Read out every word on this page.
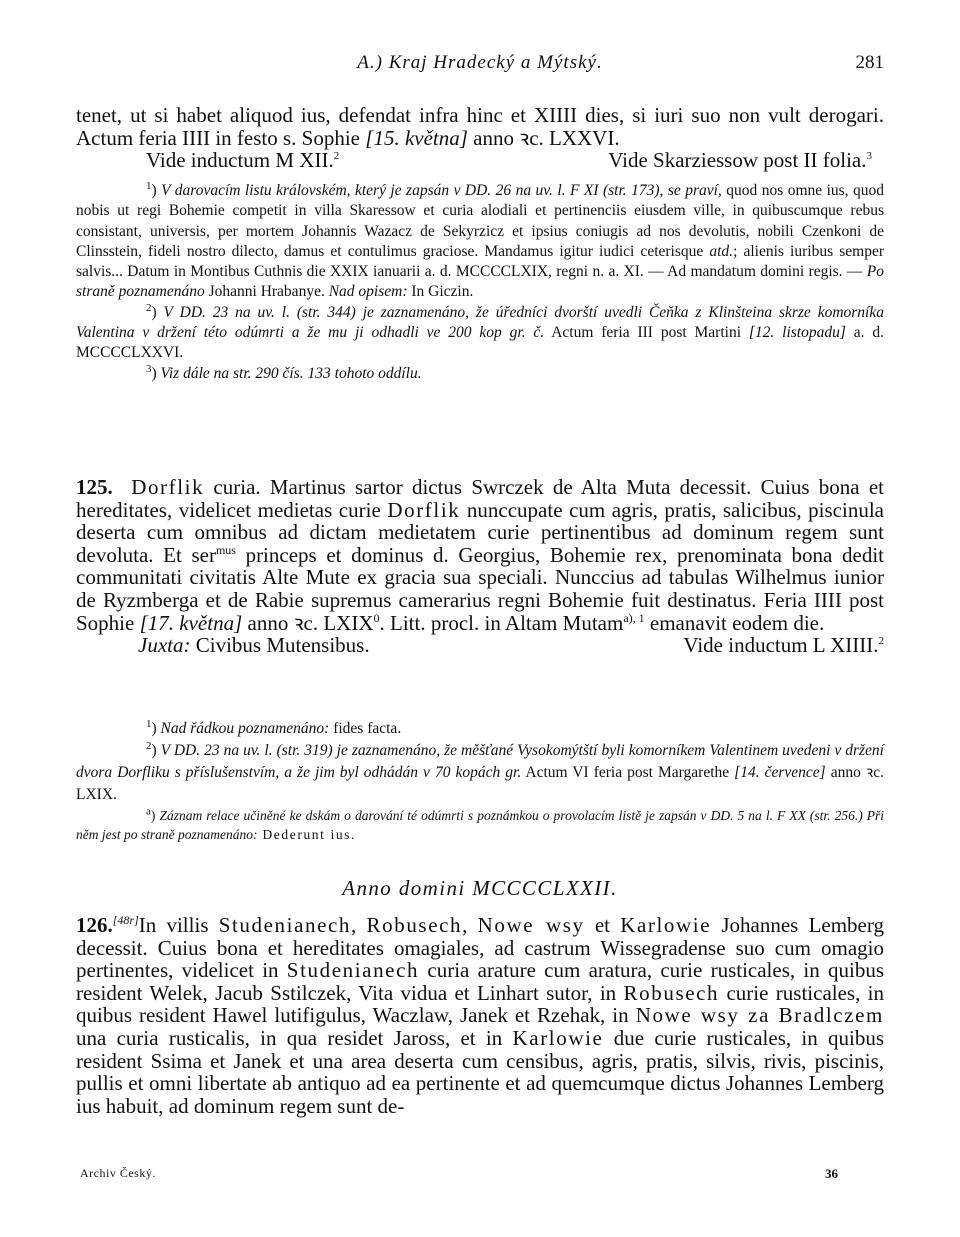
A.) Kraj Hradecký a Mýtský.	281

tenet, ut si habet aliquod ius, defendat infra hinc et XIIII dies, si iuri suo non vult derogari. Actum feria IIII in festo s. Sophie [15. května] anno ꝛc. LXXVI.

Vide inductum M XII.$^2$	Vide Skarziessow post II folia.$^3$

$^1$) V darovacím listu královském, který je zapsán v DD. 26 na uv. l. F XI (str. 173), se praví, quod nos omne ius, quod nobis ut regi Bohemie competit in villa Skaressow et curia alodiali et pertinenciis eiusdem ville, in quibuscumque rebus consistant, universis, per mortem Johannis Wazacz de Sekyrzicz et ipsius coniugis ad nos devolutis, nobili Czenkoni de Clinsstein, fideli nostro dilecto, damus et contulimus graciose. Mandamus igitur iudici ceterisque atd.; alienis iuribus semper salvis... Datum in Montibus Cuthnis die XXIX ianuarii a. d. MCCCCLXIX, regni n. a. XI. — Ad mandatum domini regis. — Po straně poznamenáno Johanni Hrabanye. Nad opisem: In Giczin.

$^2$) V DD. 23 na uv. l. (str. 344) je zaznamenáno, že úředníci dvorští uvedli Čeňka z Klinšteina skrze komorníka Valentina v držení této odúmrti a že mu ji odhadli ve 200 kop gr. č. Actum feria III post Martini [12. listopadu] a. d. MCCCCLXXVI.

$^3$) Viz dále na str. 290 čís. 133 tohoto oddílu.

125. Dorflik curia. Martinus sartor dictus Swrczek de Alta Muta decessit. Cuius bona et hereditates, videlicet medietas curie Dorflik nunccupate cum agris, pratis, salicibus, piscinula deserta cum omnibus ad dictam medietatem curie pertinentibus ad dominum regem sunt devoluta. Et ser$^{mus}$ princeps et dominus d. Georgius, Bohemie rex, prenominata bona dedit communitati civitatis Alte Mute ex gracia sua speciali. Nunccius ad tabulas Wilhelmus iunior de Ryzmberga et de Rabie supremus camerarius regni Bohemie fuit destinatus. Feria IIII post Sophie [17. května] anno ꝛc. LXIX$^0$. Litt. procl. in Altam Mutam$^{a), 1}$ emanavit eodem die.

Juxta: Civibus Mutensibus.	Vide inductum L XIIII.$^2$

$^1$) Nad řádkou poznamenáno: fides facta.

$^2$) V DD. 23 na uv. l. (str. 319) je zaznamenáno, že měšťané Vysokomýtští byli komorníkem Valentinem uvedeni v držení dvora Dorfliku s příslušenstvím, a že jim byl odhádán v 70 kopách gr. Actum VI feria post Margarethe [14. července] anno ꝛc. LXIX.

$^a$) Záznam relace učiněné ke dskám o darování té odúmrti s poznámkou o provolacím listě je zapsán v DD. 5 na l. F XX (str. 256.) Při něm jest po straně poznamenáno: Dederunt ius.

Anno domini MCCCCLXXII.

126.[48r]In villis Studenianech, Robusech, Nowe wsy et Karlowie Johannes Lemberg decessit. Cuius bona et hereditates omagiales, ad castrum Wissegradense suo cum omagio pertinentes, videlicet in Studenianech curia arature cum aratura, curie rusticales, in quibus resident Welek, Jacub Sstilczek, Vita vidua et Linhart sutor, in Robusech curie rusticales, in quibus resident Hawel lutifigulus, Waczlaw, Janek et Rzehak, in Nowe wsy za Bradlczem una curia rusticalis, in qua residet Jaross, et in Karlowie due curie rusticales, in quibus resident Ssima et Janek et una area deserta cum censibus, agris, pratis, silvis, rivis, piscinis, pullis et omni libertate ab antiquo ad ea pertinente et ad quemcumque dictus Johannes Lemberg ius habuit, ad dominum regem sunt de-

Archiv Český.	36
